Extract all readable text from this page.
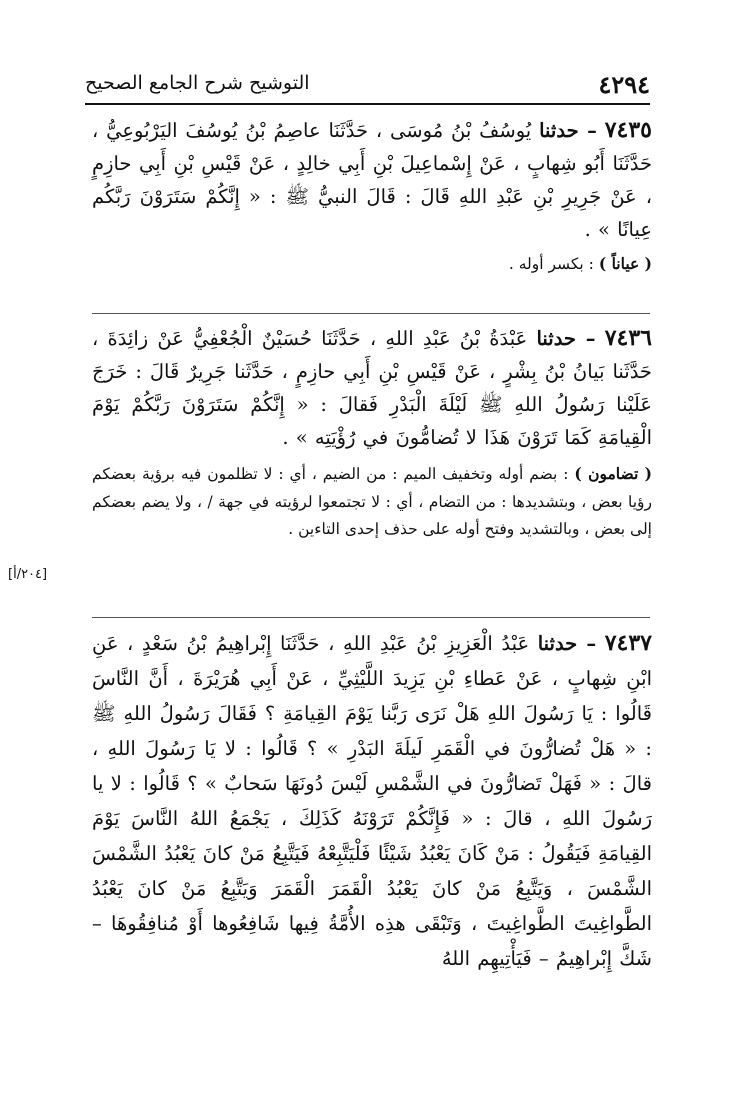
٤٢٩٤
التوشيح شرح الجامع الصحيح

٧٤٣٥ – حدثنا يُوسُفُ بْنُ مُوسَى ، حَدَّثَنَا عاصِمُ بْنُ يُوسُفَ اليَرْبُوعِيُّ ، حَدَّثَنَا أَبُو شِهابٍ ، عَنْ إِسْماعِيلَ بْنِ أَبِي خالِدٍ ، عَنْ قَيْسِ بْنِ أَبِي حازِمٍ ، عَنْ جَرِيرِ بْنِ عَبْدِ اللهِ قَالَ : قَالَ النبيُّ ﷺ : « إِنَّكُمْ سَتَرَوْنَ رَبَّكُم عِيانًا » .

( عياناً ) : بكسر أوله .

٧٤٣٦ – حدثنا عَبْدَةُ بْنُ عَبْدِ اللهِ ، حَدَّثَنَا حُسَيْنٌ الْجُعْفِيُّ عَنْ زائِدَةَ ، حَدَّثَنا بَيانُ بْنُ بِشْرٍ ، عَنْ قَيْسِ بْنِ أَبِي حازِمٍ ، حَدَّثَنا جَرِيرٌ قَالَ : خَرَجَ عَلَيْنا رَسُولُ اللهِ ﷺ لَيْلَةَ الْبَدْرِ فَقالَ : « إِنَّكُمْ سَتَرَوْنَ رَبَّكُمْ يَوْمَ الْقِيامَةِ كَمَا تَرَوْنَ هَذَا لا تُضامُّونَ في رُؤْيَتِه » .

( تضامون ) : بضم أوله وتخفيف الميم : من الضيم ، أي : لا تظلمون فيه برؤية بعضكم رؤيا بعض ، وبتشديدها : من التضام ، أي : لا تجتمعوا لرؤيته في جهة / ، ولا يضم بعضكم إلى بعض ، وبالتشديد وفتح أوله على حذف إحدى التاءين .

[٢٠٤/أ]

٧٤٣٧ – حدثنا عَبْدُ الْعَزِيزِ بْنُ عَبْدِ اللهِ ، حَدَّثَنَا إِبْراهِيمُ بْنُ سَعْدٍ ، عَنِ ابْنِ شِهابٍ ، عَنْ عَطاءِ بْنِ يَزِيدَ اللَّيْثِيِّ ، عَنْ أَبِي هُرَيْرَةَ ، أَنَّ النَّاسَ قَالُوا : يَا رَسُولَ اللهِ هَلْ نَرَى رَبَّنا يَوْمَ القِيامَةِ ؟ فَقَالَ رَسُولُ اللهِ ﷺ : « هَلْ تُضارُّونَ في الْقَمَرِ لَيلَةَ البَدْرِ » ؟ قَالُوا : لا يَا رَسُولَ اللهِ ، قالَ : « فَهَلْ تَضارُّونَ في الشَّمْسِ لَيْسَ دُونَهَا سَحابٌ » ؟ قَالُوا : لا يا رَسُولَ اللهِ ، قالَ : « فَإِنَّكُمْ تَرَوْنَهُ كَذَلِكَ ، يَجْمَعُ اللهُ النَّاسَ يَوْمَ القِيامَةِ فَيَقُولُ : مَنْ كَانَ يَعْبُدُ شَيْئًا فَلْيَتَّبِعْهُ فَيَتَّبِعُ مَنْ كانَ يَعْبُدُ الشَّمْسَ الشَّمْسَ ، وَيَتَّبِعُ مَنْ كانَ يَعْبُدُ الْقَمَرَ الْقَمَرَ وَيَتَّبِعُ مَنْ كانَ يَعْبُدُ الطَّواغِيتَ الطَّواغِيتَ ، وَتَبْقَى هذِه الأُمَّةُ فِيها شَافِعُوها أَوْ مُنافِقُوهَا – شَكَّ إِبْراهِيمُ – فَيَأْتِيهِم اللهُ
